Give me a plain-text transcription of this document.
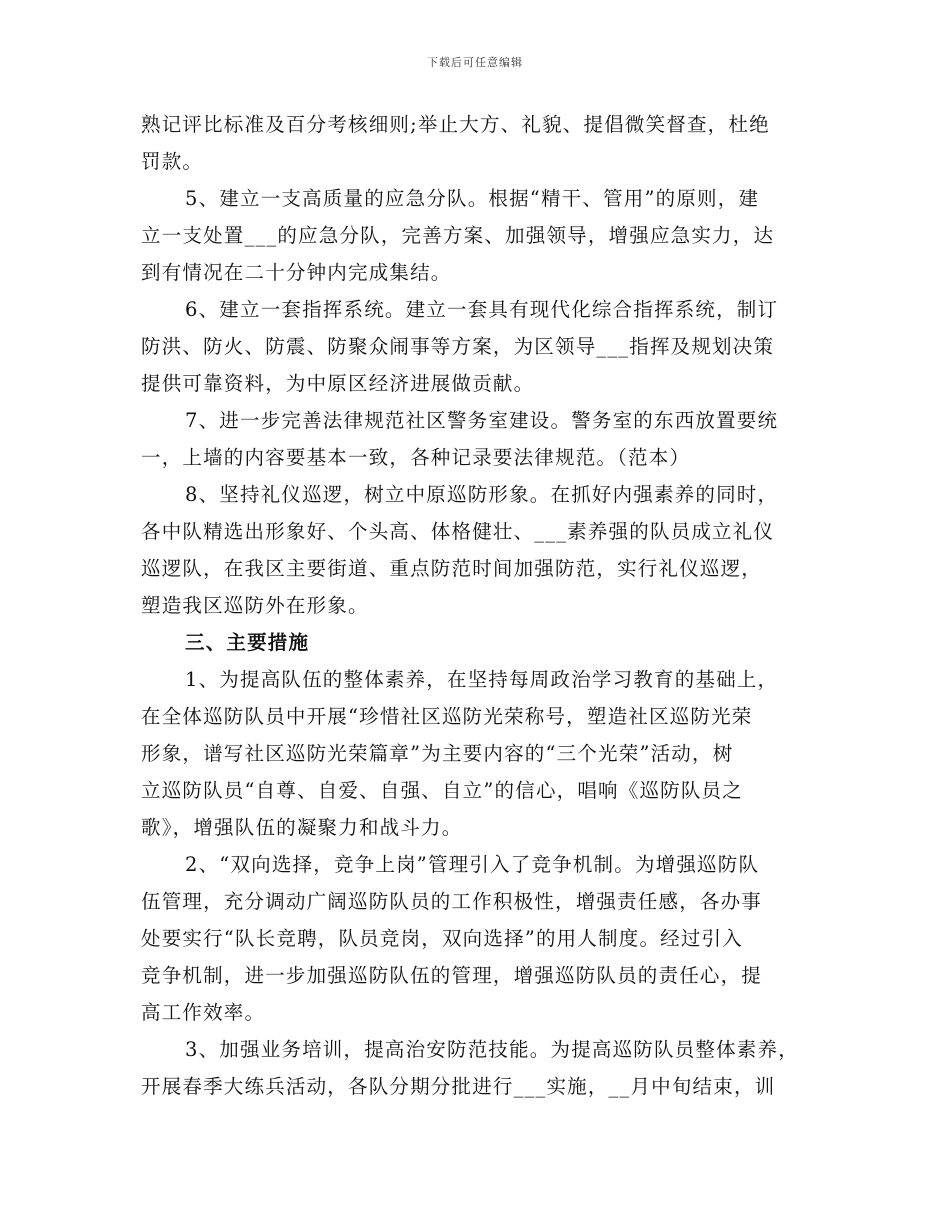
下载后可任意编辑
熟记评比标准及百分考核细则;举止大方、礼貌、提倡微笑督查，杜绝
罚款。
5、建立一支高质量的应急分队。根据“精干、管用”的原则，建
立一支处置___的应急分队，完善方案、加强领导，增强应急实力，达
到有情况在二十分钟内完成集结。
6、建立一套指挥系统。建立一套具有现代化综合指挥系统，制订
防洪、防火、防震、防聚众闹事等方案，为区领导___指挥及规划决策
提供可靠资料，为中原区经济进展做贡献。
7、进一步完善法律规范社区警务室建设。警务室的东西放置要统
一，上墙的内容要基本一致，各种记录要法律规范。（范本）
8、坚持礼仪巡逻，树立中原巡防形象。在抓好内强素养的同时，
各中队精选出形象好、个头高、体格健壮、___素养强的队员成立礼仪
巡逻队，在我区主要街道、重点防范时间加强防范，实行礼仪巡逻，
塑造我区巡防外在形象。
三、主要措施
1、为提高队伍的整体素养，在坚持每周政治学习教育的基础上，
在全体巡防队员中开展“珍惜社区巡防光荣称号，塑造社区巡防光荣
形象，谱写社区巡防光荣篇章”为主要内容的“三个光荣”活动，树
立巡防队员“自尊、自爱、自强、自立”的信心，唱响《巡防队员之
歌》，增强队伍的凝聚力和战斗力。
2、“双向选择，竞争上岗”管理引入了竞争机制。为增强巡防队
伍管理，充分调动广阔巡防队员的工作积极性，增强责任感，各办事
处要实行“队长竞聘，队员竞岗，双向选择”的用人制度。经过引入
竞争机制，进一步加强巡防队伍的管理，增强巡防队员的责任心，提
高工作效率。
3、加强业务培训，提高治安防范技能。为提高巡防队员整体素养，
开展春季大练兵活动，各队分期分批进行___实施，__月中旬结束，训
